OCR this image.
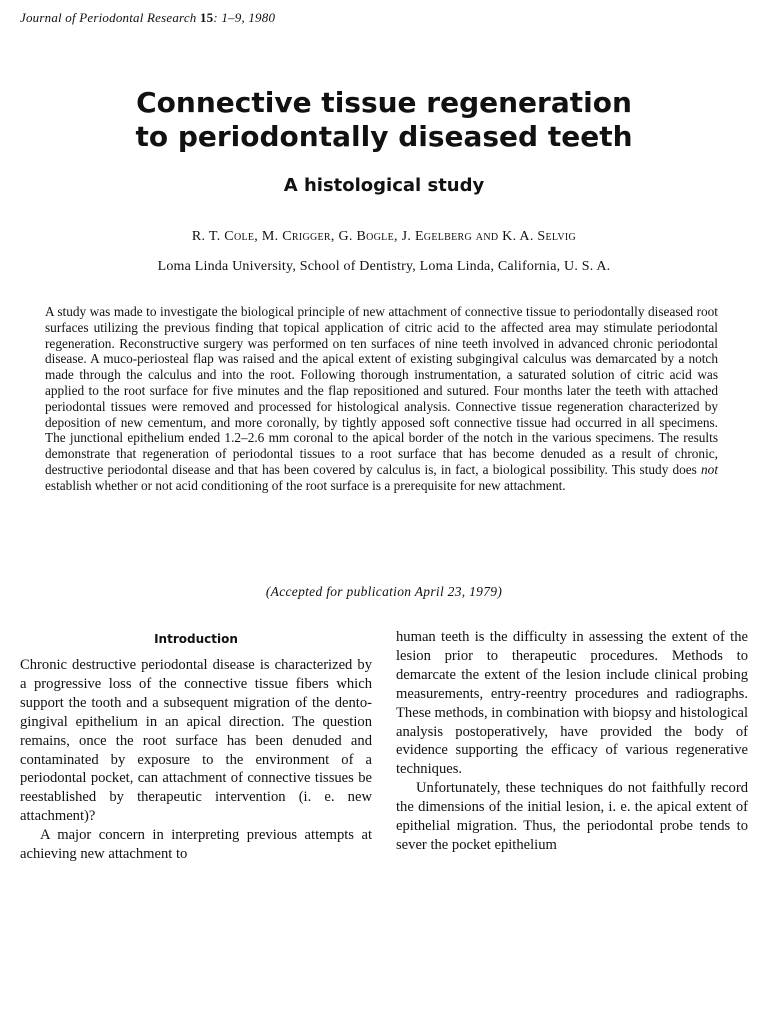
Journal of Periodontal Research 15: 1–9, 1980
Connective tissue regeneration
to periodontally diseased teeth
A histological study
R. T. Cole, M. Crigger, G. Bogle, J. Egelberg and K. A. Selvig
Loma Linda University, School of Dentistry, Loma Linda, California, U. S. A.

A study was made to investigate the biological principle of new attachment of connective tissue to periodontally diseased root surfaces utilizing the previous finding that topical application of citric acid to the affected area may stimulate periodontal regeneration. Reconstructive surgery was performed on ten surfaces of nine teeth involved in advanced chronic periodontal disease. A muco-periosteal flap was raised and the apical extent of existing subgingival calculus was demarcated by a notch made through the calculus and into the root. Following thorough instrumentation, a saturated solution of citric acid was applied to the root surface for five minutes and the flap repositioned and sutured. Four months later the teeth with attached periodontal tissues were removed and processed for histological analysis. Connective tissue regeneration characterized by deposition of new cementum, and more coronally, by tightly apposed soft connective tissue had occurred in all specimens. The junctional epithelium ended 1.2–2.6 mm coronal to the apical border of the notch in the various specimens. The results demonstrate that regeneration of periodontal tissues to a root surface that has become denuded as a result of chronic, destructive periodontal disease and that has been covered by calculus is, in fact, a biological possibility. This study does not establish whether or not acid conditioning of the root surface is a prerequisite for new attachment.

(Accepted for publication April 23, 1979)
Introduction

Chronic destructive periodontal disease is characterized by a progressive loss of the connective tissue fibers which support the tooth and a subsequent migration of the dento-gingival epithelium in an apical direction. The question remains, once the root surface has been denuded and contaminated by exposure to the environment of a periodontal pocket, can attachment of connective tissues be reestablished by therapeutic intervention (i. e. new attachment)?

A major concern in interpreting previous attempts at achieving new attachment to

human teeth is the difficulty in assessing the extent of the lesion prior to therapeutic procedures. Methods to demarcate the extent of the lesion include clinical probing measurements, entry-reentry procedures and radiographs. These methods, in combination with biopsy and histological analysis postoperatively, have provided the body of evidence supporting the efficacy of various regenerative techniques.

Unfortunately, these techniques do not faithfully record the dimensions of the initial lesion, i. e. the apical extent of epithelial migration. Thus, the periodontal probe tends to sever the pocket epithelium
